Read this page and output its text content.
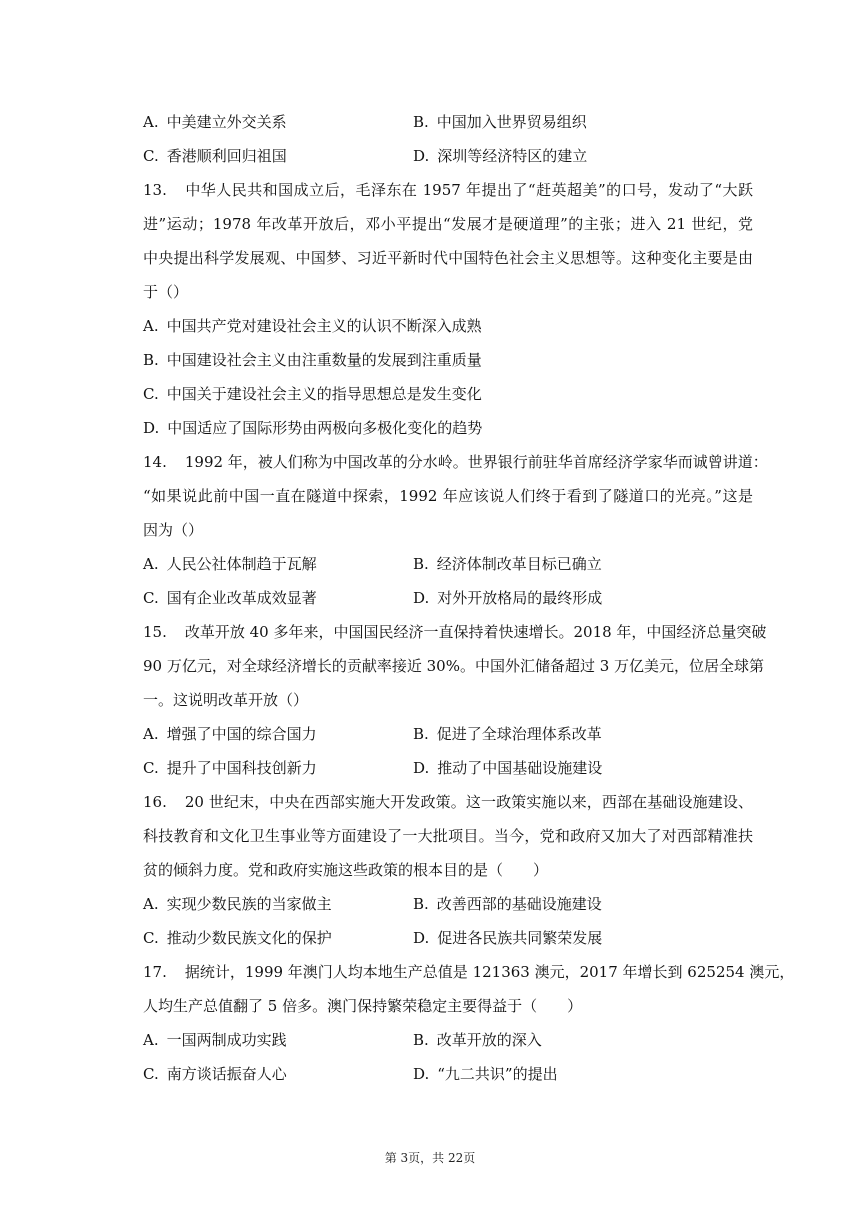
A. 中美建立外交关系	B. 中国加入世界贸易组织
C. 香港顺利回归祖国	D. 深圳等经济特区的建立
13. 中华人民共和国成立后，毛泽东在 1957 年提出了“赶英超美”的口号，发动了“大跃
进”运动；1978 年改革开放后，邓小平提出“发展才是硬道理”的主张；进入 21 世纪，党
中央提出科学发展观、中国梦、习近平新时代中国特色社会主义思想等。这种变化主要是由
于（）
A. 中国共产党对建设社会主义的认识不断深入成熟
B. 中国建设社会主义由注重数量的发展到注重质量
C. 中国关于建设社会主义的指导思想总是发生变化
D. 中国适应了国际形势由两极向多极化变化的趋势
14. 1992 年，被人们称为中国改革的分水岭。世界银行前驻华首席经济学家华而诚曾讲道：
“如果说此前中国一直在隧道中探索，1992 年应该说人们终于看到了隧道口的光亮。”这是
因为（）
A. 人民公社体制趋于瓦解	B. 经济体制改革目标已确立
C. 国有企业改革成效显著	D. 对外开放格局的最终形成
15. 改革开放 40 多年来，中国国民经济一直保持着快速增长。2018 年，中国经济总量突破
90 万亿元，对全球经济增长的贡献率接近 30%。中国外汇储备超过 3 万亿美元，位居全球第
一。这说明改革开放（）
A. 增强了中国的综合国力	B. 促进了全球治理体系改革
C. 提升了中国科技创新力	D. 推动了中国基础设施建设
16. 20 世纪末，中央在西部实施大开发政策。这一政策实施以来，西部在基础设施建设、
科技教育和文化卫生事业等方面建设了一大批项目。当今，党和政府又加大了对西部精准扶
贫的倾斜力度。党和政府实施这些政策的根本目的是（　　）
A. 实现少数民族的当家做主	B. 改善西部的基础设施建设
C. 推动少数民族文化的保护	D. 促进各民族共同繁荣发展
17. 据统计，1999 年澳门人均本地生产总值是 121363 澳元，2017 年增长到 625254 澳元，
人均生产总值翻了 5 倍多。澳门保持繁荣稳定主要得益于（　　）
A. 一国两制成功实践	B. 改革开放的深入
C. 南方谈话振奋人心	D. “九二共识”的提出
第 3页，共 22页
